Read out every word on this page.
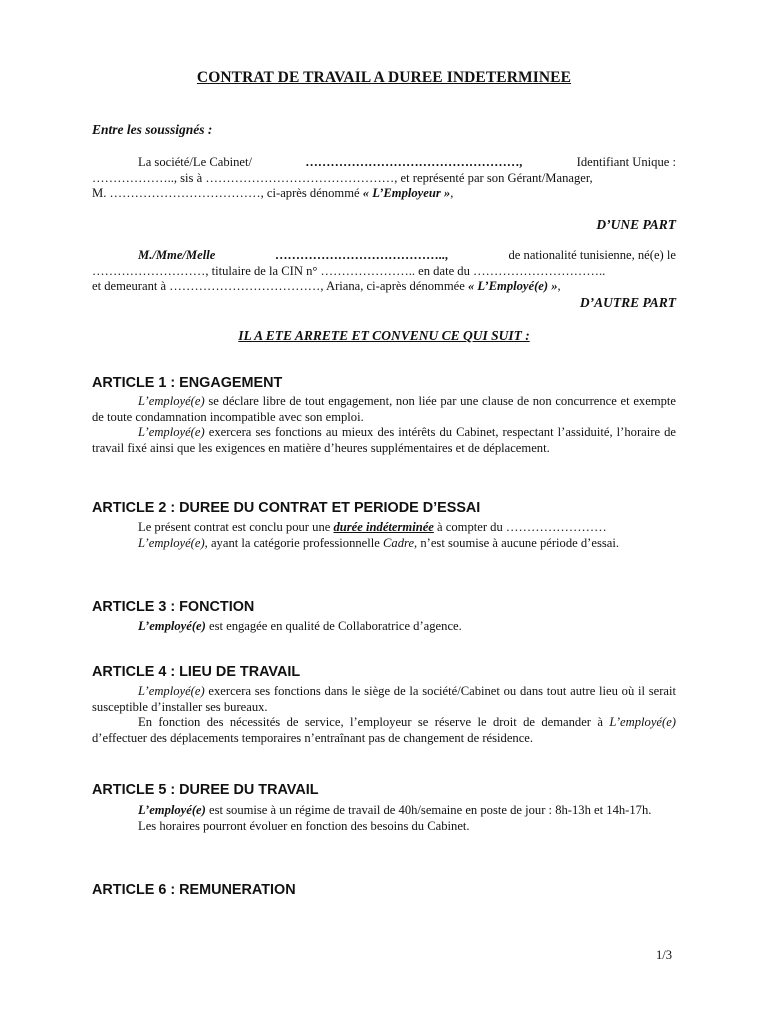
CONTRAT DE TRAVAIL A DUREE INDETERMINEE
Entre les soussignés :
La société/Le Cabinet/	……………………………………………,	Identifiant Unique :
……………….., sis à ………………………………………, et représenté par son Gérant/Manager,
M. ………………………………, ci-après dénommé « L’Employeur »,
D’UNE PART
M./Mme/Melle	…………………………………..,	de nationalité tunisienne, né(e) le
………………………, titulaire de la CIN n° ………………….. en date du …………………………..
et demeurant à ………………………………, Ariana, ci-après dénommée « L’Employé(e) »,
D’AUTRE PART
IL A ETE ARRETE ET CONVENU CE QUI SUIT :
ARTICLE 1 : ENGAGEMENT
L’employé(e) se déclare libre de tout engagement, non liée par une clause de non concurrence et exempte de toute condamnation incompatible avec son emploi.
L’employé(e) exercera ses fonctions au mieux des intérêts du Cabinet, respectant l’assiduité, l’horaire de travail fixé ainsi que les exigences en matière d’heures supplémentaires et de déplacement.
ARTICLE 2 : DUREE DU CONTRAT ET PERIODE D’ESSAI
Le présent contrat est conclu pour une durée indéterminée à compter du ……………………
L’employé(e), ayant la catégorie professionnelle Cadre, n’est soumise à aucune période d’essai.
ARTICLE 3 : FONCTION
L’employé(e) est engagée en qualité de Collaboratrice d’agence.
ARTICLE 4 : LIEU DE TRAVAIL
L’employé(e) exercera ses fonctions dans le siège de la société/Cabinet ou dans tout autre lieu où il serait susceptible d’installer ses bureaux.
En fonction des nécessités de service, l’employeur se réserve le droit de demander à L’employé(e) d’effectuer des déplacements temporaires n’entraînant pas de changement de résidence.
ARTICLE 5 : DUREE DU TRAVAIL
L’employé(e) est soumise à un régime de travail de 40h/semaine en poste de jour : 8h-13h et 14h-17h.
Les horaires pourront évoluer en fonction des besoins du Cabinet.
ARTICLE 6 : REMUNERATION
1/3
